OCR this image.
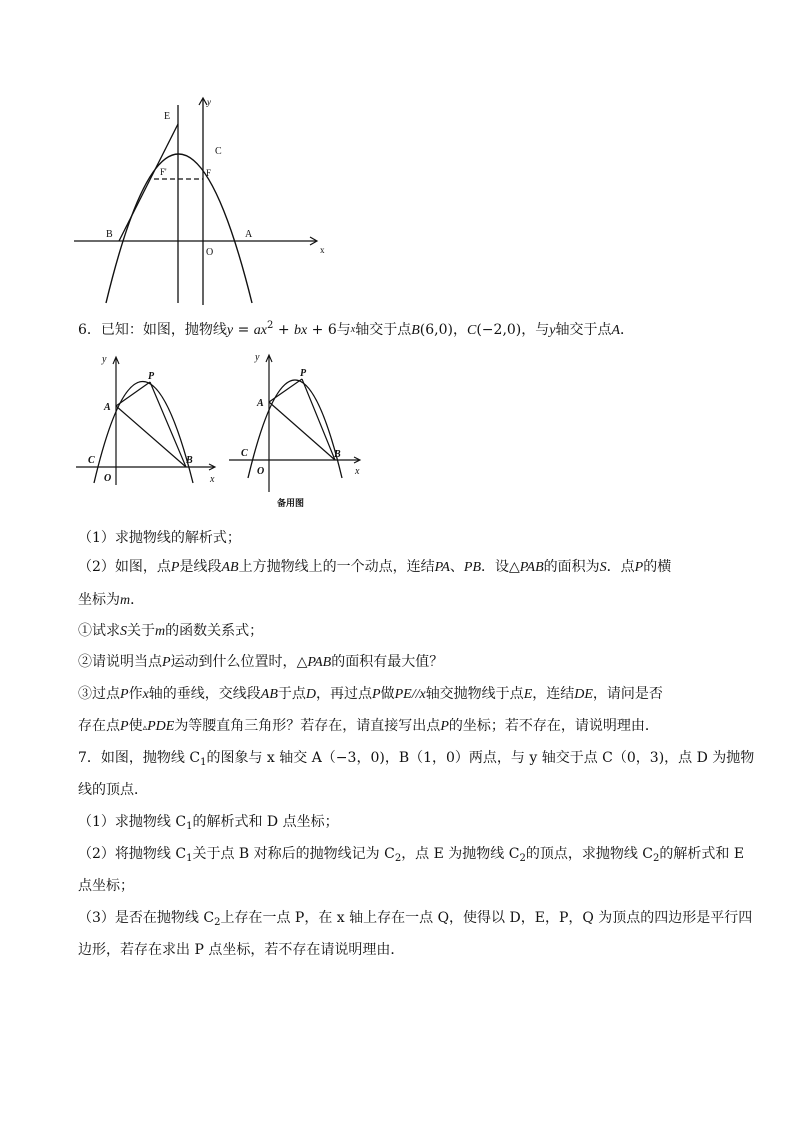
E
y
C
F'	F
B	A
O	x
6．已知：如图，抛物线$y = ax^2$ + bx + 6与$^x$轴交于点B(6,0)，C(−2,0)，与y轴交于点A．
y
P
A
C	B
O	x
y
P
A
C	B
O	x
备用图
（1）求抛物线的解析式；
（2）如图，点P是线段AB上方抛物线上的一个动点，连结PA、PB．设△PAB的面积为S．点P的横
坐标为m．
①试求S关于m的函数关系式；
②请说明当点P运动到什么位置时，△PAB的面积有最大值？
③过点P作x轴的垂线，交线段AB于点D，再过点P做PE//x轴交抛物线于点E，连结DE，请问是否
存在点P使▵PDE为等腰直角三角形？若存在，请直接写出点P的坐标；若不存在，请说明理由．
7．如图，抛物线 $C_1$的图象与 x 轴交 A（−3，0)，B（1，0）两点，与 y 轴交于点 C（0，3)，点 D 为抛物
线的顶点．
（1）求抛物线 $C_1$的解析式和 D 点坐标；
（2）将抛物线 $C_1$关于点 B 对称后的抛物线记为 $C_2$，点 E 为抛物线 $C_2$的顶点，求抛物线 $C_2$的解析式和 E
点坐标；
（3）是否在抛物线 $C_2$上存在一点 P，在 x 轴上存在一点 Q，使得以 D，E，P，Q 为顶点的四边形是平行四
边形，若存在求出 P 点坐标，若不存在请说明理由．
